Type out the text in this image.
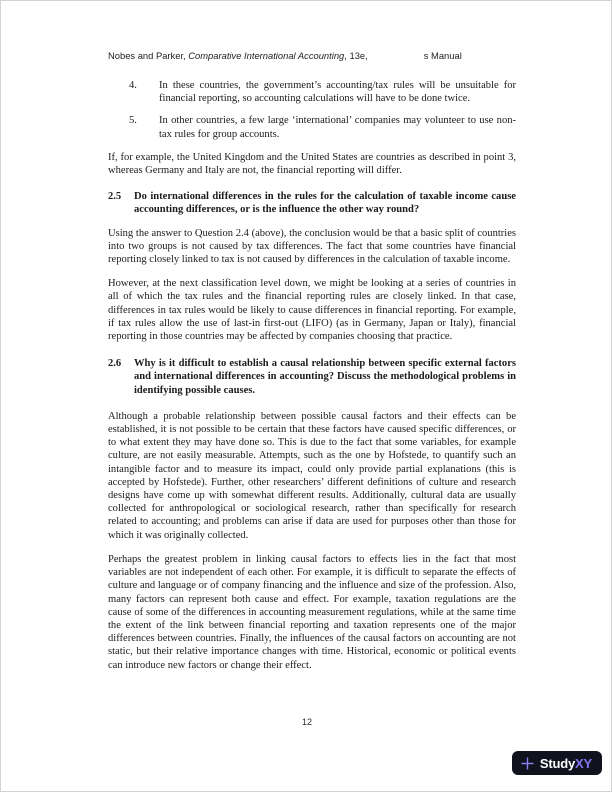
Nobes and Parker, Comparative International Accounting, 13e,	s Manual
4.	In these countries, the government’s accounting/tax rules will be unsuitable for financial reporting, so accounting calculations will have to be done twice.
5.	In other countries, a few large ‘international’ companies may volunteer to use non-tax rules for group accounts.

If, for example, the United Kingdom and the United States are countries as described in point 3, whereas Germany and Italy are not, the financial reporting will differ.

2.5	Do international differences in the rules for the calculation of taxable income cause accounting differences, or is the influence the other way round?

Using the answer to Question 2.4 (above), the conclusion would be that a basic split of countries into two groups is not caused by tax differences. The fact that some countries have financial reporting closely linked to tax is not caused by differences in the calculation of taxable income.

However, at the next classification level down, we might be looking at a series of countries in all of which the tax rules and the financial reporting rules are closely linked. In that case, differences in tax rules would be likely to cause differences in financial reporting. For example, if tax rules allow the use of last-in first-out (LIFO) (as in Germany, Japan or Italy), financial reporting in those countries may be affected by companies choosing that practice.

2.6	Why is it difficult to establish a causal relationship between specific external factors and international differences in accounting? Discuss the methodological problems in identifying possible causes.

Although a probable relationship between possible causal factors and their effects can be established, it is not possible to be certain that these factors have caused specific differences, or to what extent they may have done so. This is due to the fact that some variables, for example culture, are not easily measurable. Attempts, such as the one by Hofstede, to quantify such an intangible factor and to measure its impact, could only provide partial explanations (this is accepted by Hofstede). Further, other researchers’ different definitions of culture and research designs have come up with somewhat different results. Additionally, cultural data are usually collected for anthropological or sociological research, rather than specifically for research related to accounting; and problems can arise if data are used for purposes other than those for which it was originally collected.

Perhaps the greatest problem in linking causal factors to effects lies in the fact that most variables are not independent of each other. For example, it is difficult to separate the effects of culture and language or of company financing and the influence and size of the profession. Also, many factors can represent both cause and effect. For example, taxation regulations are the cause of some of the differences in accounting measurement regulations, while at the same time the extent of the link between financial reporting and taxation represents one of the major differences between countries. Finally, the influences of the causal factors on accounting are not static, but their relative importance changes with time. Historical, economic or political events can introduce new factors or change their effect.

12
StudyXY
